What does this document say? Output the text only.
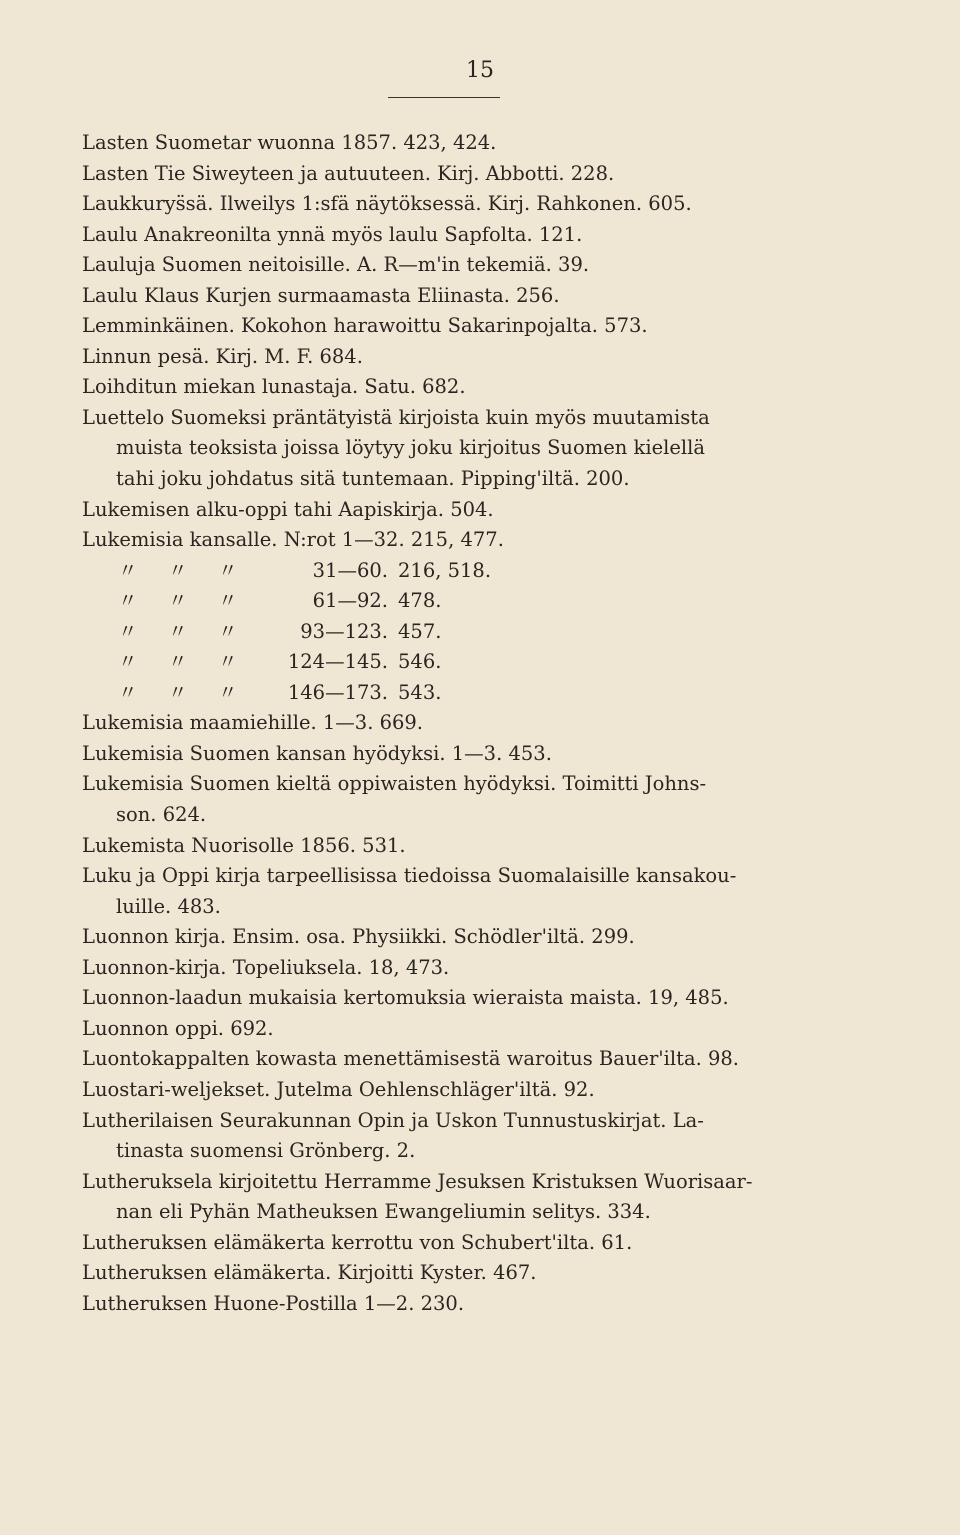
15
Lasten Suometar wuonna 1857. 423, 424.
Lasten Tie Siweyteen ja autuuteen. Kirj. Abbotti. 228.
Laukkurys̈sä. Ilweilys 1:sfä näytöksessä. Kirj. Rahkonen. 605.
Laulu Anakreonilta ynnä myös laulu Sapfolta. 121.
Lauluja Suomen neitoisille. A. R—m'in tekemiä. 39.
Laulu Klaus Kurjen surmaamasta Eliinasta. 256.
Lemminkäinen. Kokohon harawoittu Sakarinpojalta. 573.
Linnun pesä. Kirj. M. F. 684.
Loihditun miekan lunastaja. Satu. 682.
Luettelo Suomeksi präntätyistä kirjoista kuin myös muutamista
muista teoksista joissa löytyy joku kirjoitus Suomen kielellä
tahi joku johdatus sitä tuntemaan. Pipping'iltä. 200.
Lukemisen alku-oppi tahi Aapiskirja. 504.
Lukemisia kansalle. N:rot 1—32. 215, 477.
〃 〃 〃	31—60. 216, 518.
〃 〃 〃	61—92. 478.
〃 〃 〃	93—123. 457.
〃 〃 〃	124—145. 546.
〃 〃 〃	146—173. 543.
Lukemisia maamiehille. 1—3. 669.
Lukemisia Suomen kansan hyödyksi. 1—3. 453.
Lukemisia Suomen kieltä oppiwaisten hyödyksi. Toimitti Johns-
son. 624.
Lukemista Nuorisolle 1856. 531.
Luku ja Oppi kirja tarpeellisissa tiedoissa Suomalaisille kansakou-
luille. 483.
Luonnon kirja. Ensim. osa. Physiikki. Schödler'iltä. 299.
Luonnon-kirja. Topeliuksela. 18, 473.
Luonnon-laadun mukaisia kertomuksia wieraista maista. 19, 485.
Luonnon oppi. 692.
Luontokappalten kowasta menettämisestä waroitus Bauer'ilta. 98.
Luostari-weljekset. Jutelma Oehlenschläger'iltä. 92.
Lutherilaisen Seurakunnan Opin ja Uskon Tunnustuskirjat. La-
tinasta suomensi Grönberg. 2.
Lutheruksela kirjoitettu Herramme Jesuksen Kristuksen Wuorisaar-
nan eli Pyhän Matheuksen Ewangeliumin selitys. 334.
Lutheruksen elämäkerta kerrottu von Schubert'ilta. 61.
Lutheruksen elämäkerta. Kirjoitti Kyster. 467.
Lutheruksen Huone-Postilla 1—2. 230.
